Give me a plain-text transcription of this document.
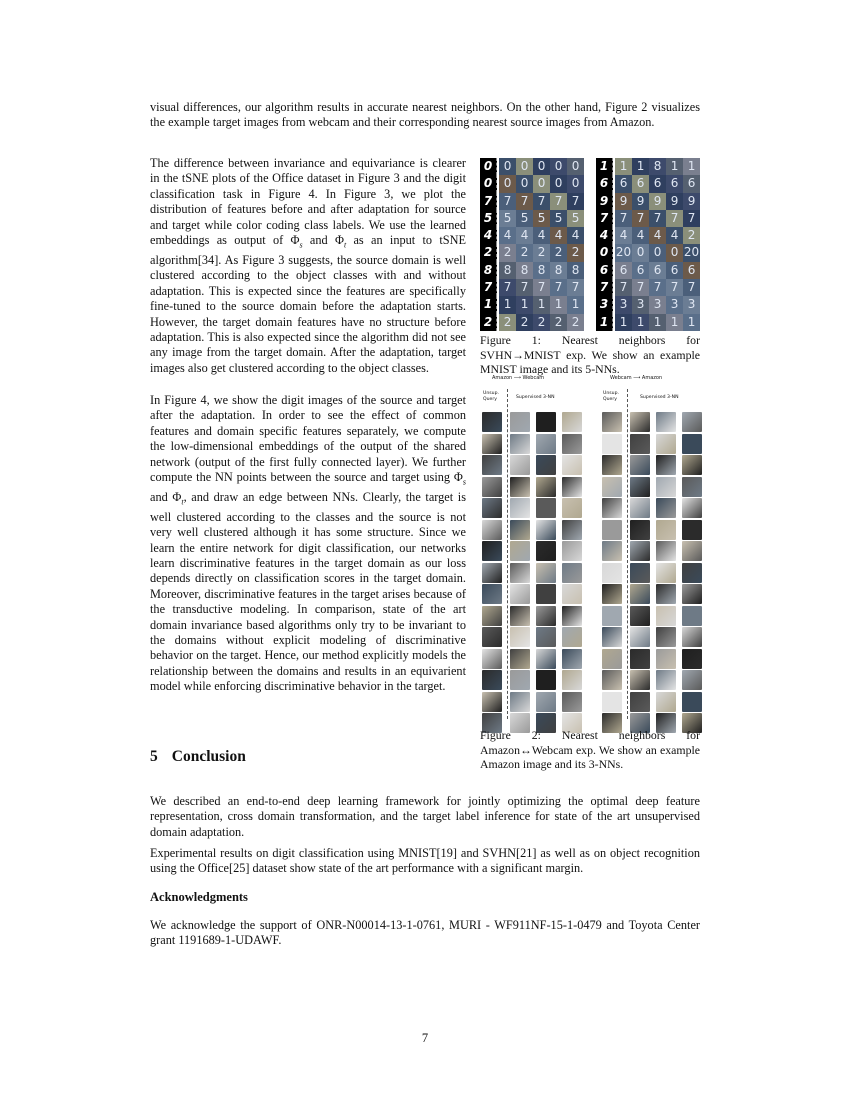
visual differences, our algorithm results in accurate nearest neighbors. On the other hand, Figure 2 visualizes the example target images from webcam and their corresponding nearest source images from Amazon.

The difference between invariance and equivariance is clearer in the tSNE plots of the Office dataset in Figure 3 and the digit classification task in Figure 4. In Figure 3, we plot the distribution of features before and after adaptation for source and target while color coding class labels. We use the learned embeddings as output of $\Phi_s$ and $\Phi_t$ as an input to tSNE algorithm[34]. As Figure 3 suggests, the source domain is well clustered according to the object classes with and without adaptation. This is expected since the features are specifically fine-tuned to the source domain before the adaptation starts. However, the target domain features have no structure before adaptation. This is also expected since the algorithm did not see any image from the target domain. After the adaptation, target images also get clustered according to the object classes.

In Figure 4, we show the digit images of the source and target after the adaptation. In order to see the effect of common features and domain specific features separately, we compute the low-dimensional embeddings of the output of the shared network (output of the first fully connected layer). We further compute the NN points between the source and target using $\Phi_s$ and $\Phi_t$, and draw an edge between NNs. Clearly, the target is well clustered according to the classes and the source is not very well clustered although it has some structure. Since we learn the entire network for digit classification, our networks learn discriminative features in the target domain as our loss depends directly on classification scores in the target domain. Moreover, discriminative features in the target arises because of the transductive modeling. In comparison, state of the art domain invariance based algorithms only try to be invariant to the domains without explicit modeling of discriminative behavior on the target. Hence, our method explicitly models the relationship between the domains and results in an equivarient model while enforcing discriminative behavior in the target.

0 0 0 0 0 0
0 0 0 0 0 0
7 7 7 7 7 7
5 5 5 5 5 5
4 4 4 4 4 4
2 2 2 2 2 2
8 8 8 8 8 8
7 7 7 7 7 7
1 1 1 1 1 1
2 2 2 2 2 2
1 1 1 8 1 1
6 6 6 6 6 6
9 9 9 9 9 9
7 7 7 7 7 7
4 4 4 4 4 2
0 20 0 0 0 20
6 6 6 6 6 6
7 7 7 7 7 7
3 3 3 3 3 3
1 1 1 1 1 1

Figure 1: Nearest neighbors for SVHN→MNIST exp. We show an example MNIST image and its 5-NNs.

Amazon ⟶ Webcam	Webcam ⟶ Amazon
Unsup. Query	Supervised 3-NN
Unsup. Query	Supervised 3-NN

Figure 2: Nearest neighbors for Amazon↔Webcam exp. We show an example Amazon image and its 3-NNs.

5 Conclusion

We described an end-to-end deep learning framework for jointly optimizing the optimal deep feature representation, cross domain transformation, and the target label inference for state of the art unsupervised domain adaptation.

Experimental results on digit classification using MNIST[19] and SVHN[21] as well as on object recognition using the Office[25] dataset show state of the art performance with a significant margin.

Acknowledgments

We acknowledge the support of ONR-N00014-13-1-0761, MURI - WF911NF-15-1-0479 and Toyota Center grant 1191689-1-UDAWF.

7
